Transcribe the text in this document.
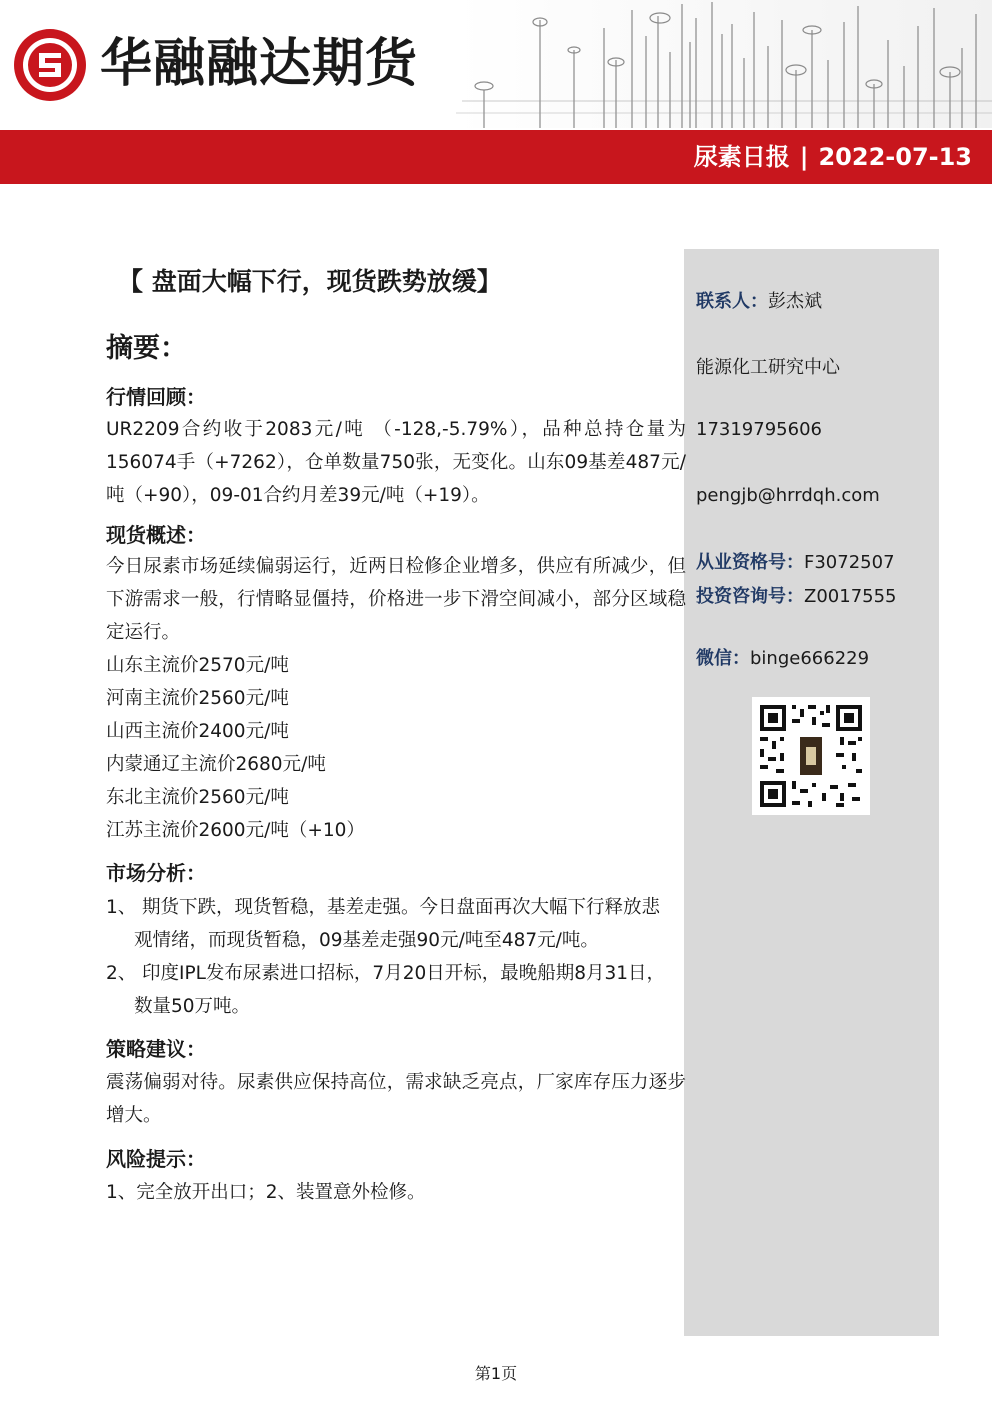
华融融达期货
尿素日报 | 2022-07-13
联系人：彭杰斌
能源化工研究中心
17319795606
pengjb@hrrdqh.com
从业资格号：F3072507
投资咨询号：Z0017555
微信：binge666229
【 盘面大幅下行，现货跌势放缓】
摘要：
行情回顾：
UR2209合约收于2083元/吨 （-128,-5.79%），品种总持仓量为156074手（+7262），仓单数量750张，无变化。山东09基差487元/吨（+90），09-01合约月差39元/吨（+19）。
现货概述：
今日尿素市场延续偏弱运行，近两日检修企业增多，供应有所减少，但下游需求一般，行情略显僵持，价格进一步下滑空间减小，部分区域稳定运行。
山东主流价2570元/吨
河南主流价2560元/吨
山西主流价2400元/吨
内蒙通辽主流价2680元/吨
东北主流价2560元/吨
江苏主流价2600元/吨（+10）
市场分析：
1、 期货下跌，现货暂稳，基差走强。今日盘面再次大幅下行释放悲观情绪，而现货暂稳，09基差走强90元/吨至487元/吨。
2、 印度IPL发布尿素进口招标，7月20日开标，最晚船期8月31日，数量50万吨。
策略建议：
震荡偏弱对待。尿素供应保持高位，需求缺乏亮点，厂家库存压力逐步增大。
风险提示：
1、完全放开出口；2、装置意外检修。
第1页
